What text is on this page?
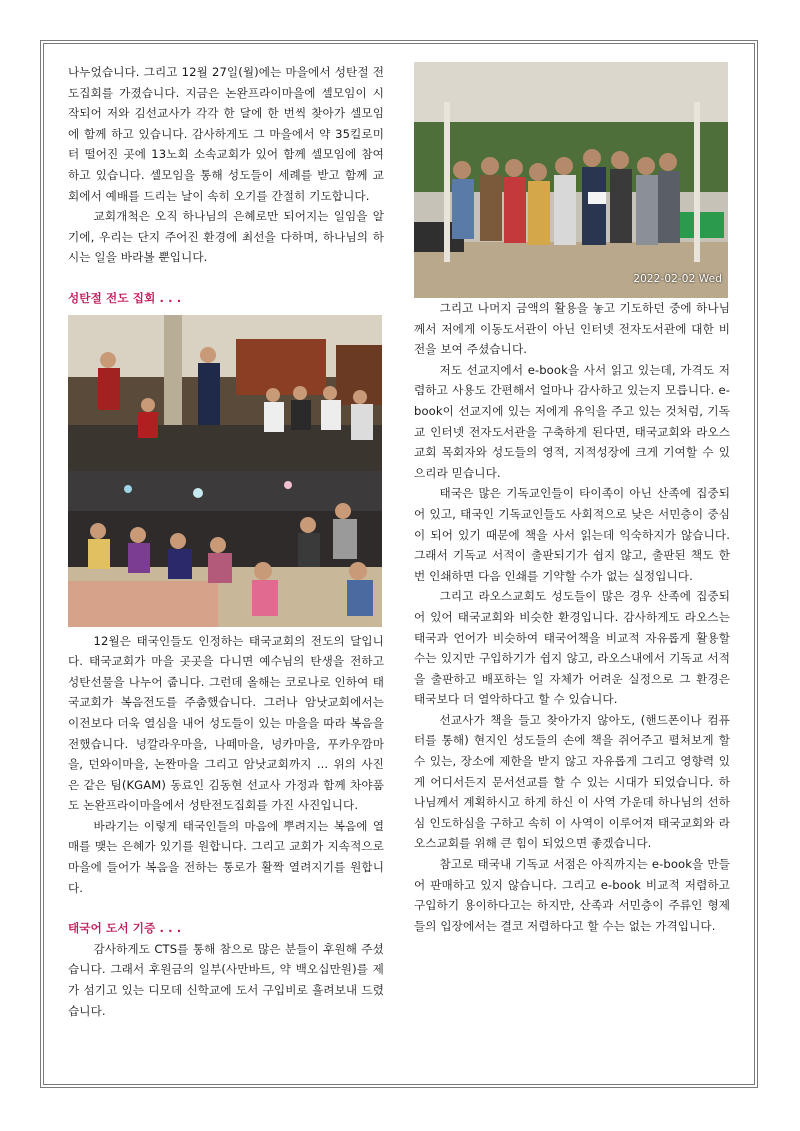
나누었습니다. 그리고 12월 27일(월)에는 마을에서 성탄절 전도집회를 가졌습니다. 지금은 논완프라이마을에 셀모임이 시작되어 저와 김선교사가 각각 한 달에 한 번씩 찾아가 셀모임에 함께 하고 있습니다. 감사하게도 그 마을에서 약 35킬로미터 떨어진 곳에 13노회 소속교회가 있어 함께 셀모임에 참여하고 있습니다. 셀모임을 통해 성도들이 세례를 받고 함께 교회에서 예배를 드리는 날이 속히 오기를 간절히 기도합니다.

교회개척은 오직 하나님의 은혜로만 되어지는 일임을 알기에, 우리는 단지 주어진 환경에 최선을 다하며, 하나님의 하시는 일을 바라볼 뿐입니다.

성탄절 전도 집회 . . .

12월은 태국인들도 인정하는 태국교회의 전도의 달입니다. 태국교회가 마을 곳곳을 다니면 예수님의 탄생을 전하고 성탄선물을 나누어 줍니다. 그런데 올해는 코로나로 인하여 태국교회가 복음전도를 주춤했습니다. 그러나 암낫교회에서는 이전보다 더욱 열심을 내어 성도들이 있는 마을을 따라 복음을 전했습니다. 넝깔라우마을, 나떼마을, 넝카마을, 푸카우깜마을, 던와이마을, 논짠마을 그리고 암낫교회까지 ... 위의 사진은 같은 팀(KGAM) 동료인 김동현 선교사 가정과 함께 차야품도 논완프라이마을에서 성탄전도집회를 가진 사진입니다.

바라기는 이렇게 태국인들의 마음에 뿌려지는 복음에 열매를 맺는 은혜가 있기를 원합니다. 그리고 교회가 지속적으로 마을에 들어가 복음을 전하는 통로가 활짝 열려지기를 원합니다.

태국어 도서 기증 . . .

감사하게도 CTS를 통해 참으로 많은 분들이 후원해 주셨습니다. 그래서 후원금의 일부(사만바트, 약 백오십만원)를 제가 섬기고 있는 디모데 신학교에 도서 구입비로 흘려보내 드렸습니다.

2022-02-02 Wed

그리고 나머지 금액의 활용을 놓고 기도하던 중에 하나님께서 저에게 이동도서관이 아닌 인터넷 전자도서관에 대한 비전을 보여 주셨습니다.

저도 선교지에서 e-book을 사서 읽고 있는데, 가격도 저렴하고 사용도 간편해서 얼마나 감사하고 있는지 모릅니다. e-book이 선교지에 있는 저에게 유익을 주고 있는 것처럼, 기독교 인터넷 전자도서관을 구축하게 된다면, 태국교회와 라오스교회 목회자와 성도들의 영적, 지적성장에 크게 기여할 수 있으리라 믿습니다.

태국은 많은 기독교인들이 타이족이 아닌 산족에 집중되어 있고, 태국인 기독교인들도 사회적으로 낮은 서민층이 중심이 되어 있기 때문에 책을 사서 읽는데 익숙하지가 않습니다. 그래서 기독교 서적이 출판되기가 쉽지 않고, 출판된 책도 한번 인쇄하면 다음 인쇄를 기약할 수가 없는 실정입니다.

그리고 라오스교회도 성도들이 많은 경우 산족에 집중되어 있어 태국교회와 비슷한 환경입니다. 감사하게도 라오스는 태국과 언어가 비슷하여 태국어책을 비교적 자유롭게 활용할 수는 있지만 구입하기가 쉽지 않고, 라오스내에서 기독교 서적을 출판하고 배포하는 일 자체가 어려운 실정으로 그 환경은 태국보다 더 열악하다고 할 수 있습니다.

선교사가 책을 들고 찾아가지 않아도, (핸드폰이나 컴퓨터를 통해) 현지인 성도들의 손에 책을 쥐어주고 펼쳐보게 할 수 있는, 장소에 제한을 받지 않고 자유롭게 그리고 영향력 있게 어디서든지 문서선교를 할 수 있는 시대가 되었습니다. 하나님께서 계획하시고 하게 하신 이 사역 가운데 하나님의 선하심 인도하심을 구하고 속히 이 사역이 이루어져 태국교회와 라오스교회를 위해 큰 힘이 되었으면 좋겠습니다.

참고로 태국내 기독교 서점은 아직까지는 e-book을 만들어 판매하고 있지 않습니다. 그리고 e-book 비교적 저렴하고 구입하기 용이하다고는 하지만, 산족과 서민층이 주류인 형제들의 입장에서는 결코 저렴하다고 할 수는 없는 가격입니다.
